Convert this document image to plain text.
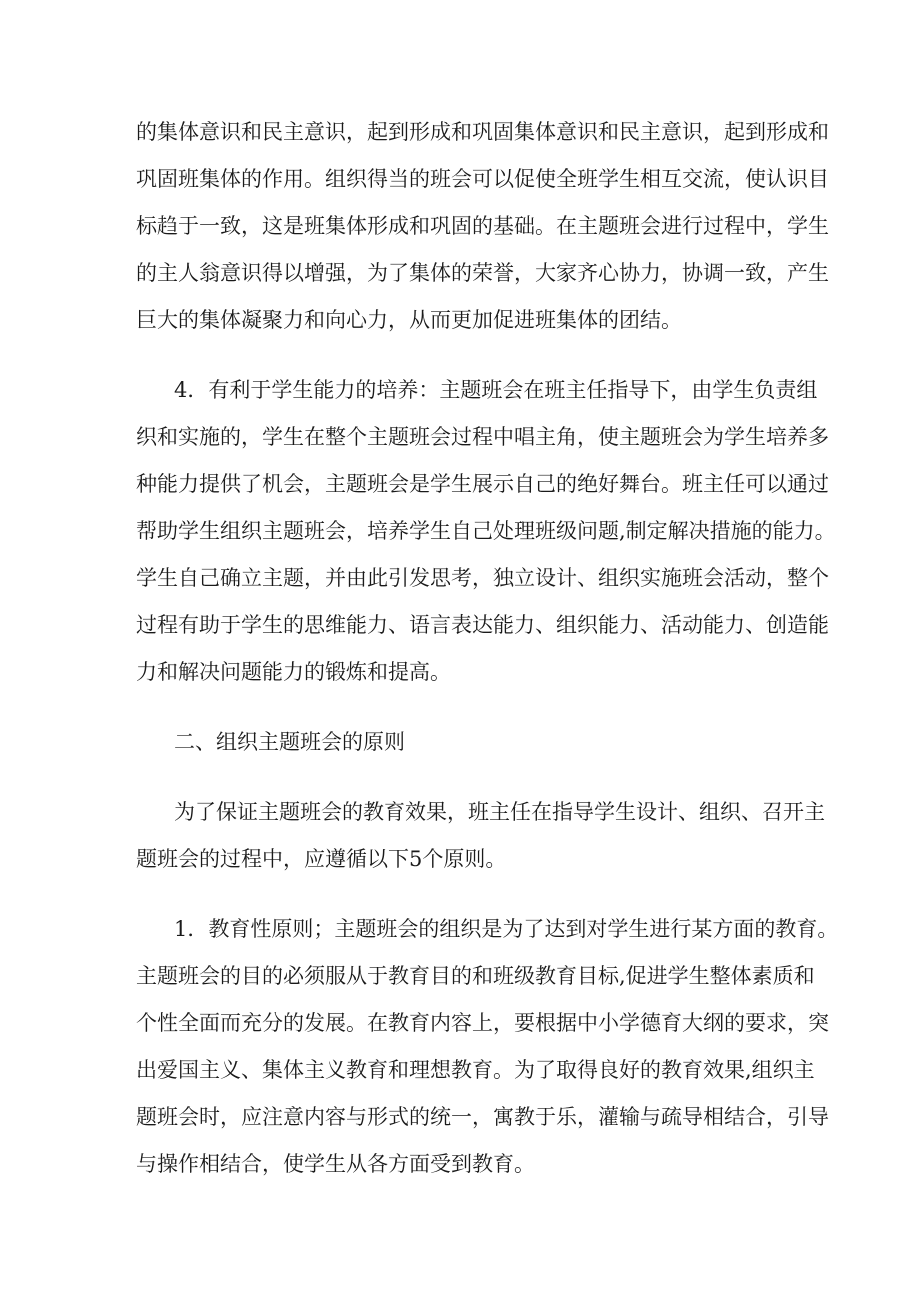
的集体意识和民主意识，起到形成和巩固集体意识和民主意识，起到形成和

巩固班集体的作用。组织得当的班会可以促使全班学生相互交流，使认识目

标趋于一致，这是班集体形成和巩固的基础。在主题班会进行过程中，学生

的主人翁意识得以增强，为了集体的荣誉，大家齐心协力，协调一致，产生

巨大的集体凝聚力和向心力，从而更加促进班集体的团结。

4．有利于学生能力的培养：主题班会在班主任指导下，由学生负责组

织和实施的，学生在整个主题班会过程中唱主角，使主题班会为学生培养多

种能力提供了机会，主题班会是学生展示自己的绝好舞台。班主任可以通过

帮助学生组织主题班会，培养学生自己处理班级问题,制定解决措施的能力。

学生自己确立主题，并由此引发思考，独立设计、组织实施班会活动，整个

过程有助于学生的思维能力、语言表达能力、组织能力、活动能力、创造能

力和解决问题能力的锻炼和提高。

二、组织主题班会的原则

为了保证主题班会的教育效果，班主任在指导学生设计、组织、召开主

题班会的过程中，应遵循以下5个原则。

1．教育性原则；主题班会的组织是为了达到对学生进行某方面的教育。

主题班会的目的必须服从于教育目的和班级教育目标,促进学生整体素质和

个性全面而充分的发展。在教育内容上，要根据中小学德育大纲的要求，突

出爱国主义、集体主义教育和理想教育。为了取得良好的教育效果,组织主

题班会时，应注意内容与形式的统一，寓教于乐，灌输与疏导相结合，引导

与操作相结合，使学生从各方面受到教育。
